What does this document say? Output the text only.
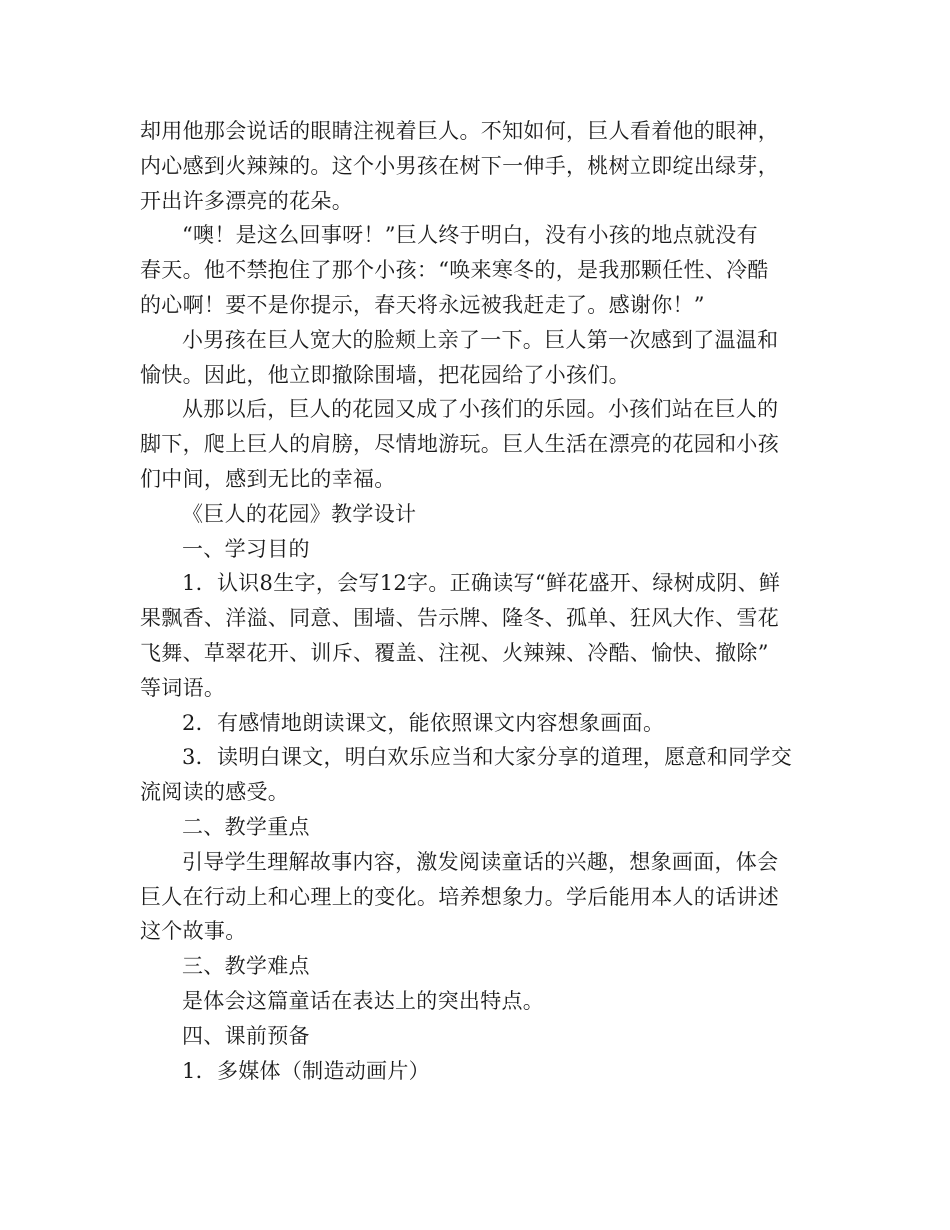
却用他那会说话的眼睛注视着巨人。不知如何，巨人看着他的眼神，
内心感到火辣辣的。这个小男孩在树下一伸手，桃树立即绽出绿芽，
开出许多漂亮的花朵。

“噢！是这么回事呀！”巨人终于明白，没有小孩的地点就没有
春天。他不禁抱住了那个小孩：“唤来寒冬的，是我那颗任性、冷酷
的心啊！要不是你提示，春天将永远被我赶走了。感谢你！”

小男孩在巨人宽大的脸颊上亲了一下。巨人第一次感到了温温和
愉快。因此，他立即撤除围墙，把花园给了小孩们。

从那以后，巨人的花园又成了小孩们的乐园。小孩们站在巨人的
脚下，爬上巨人的肩膀，尽情地游玩。巨人生活在漂亮的花园和小孩
们中间，感到无比的幸福。

《巨人的花园》教学设计

一、学习目的

1．认识8生字，会写12字。正确读写“鲜花盛开、绿树成阴、鲜
果飘香、洋溢、同意、围墙、告示牌、隆冬、孤单、狂风大作、雪花
飞舞、草翠花开、训斥、覆盖、注视、火辣辣、冷酷、愉快、撤除”
等词语。

2．有感情地朗读课文，能依照课文内容想象画面。

3．读明白课文，明白欢乐应当和大家分享的道理，愿意和同学交
流阅读的感受。

二、教学重点

引导学生理解故事内容，激发阅读童话的兴趣，想象画面，体会
巨人在行动上和心理上的变化。培养想象力。学后能用本人的话讲述
这个故事。

三、教学难点

是体会这篇童话在表达上的突出特点。

四、课前预备

1．多媒体（制造动画片）
